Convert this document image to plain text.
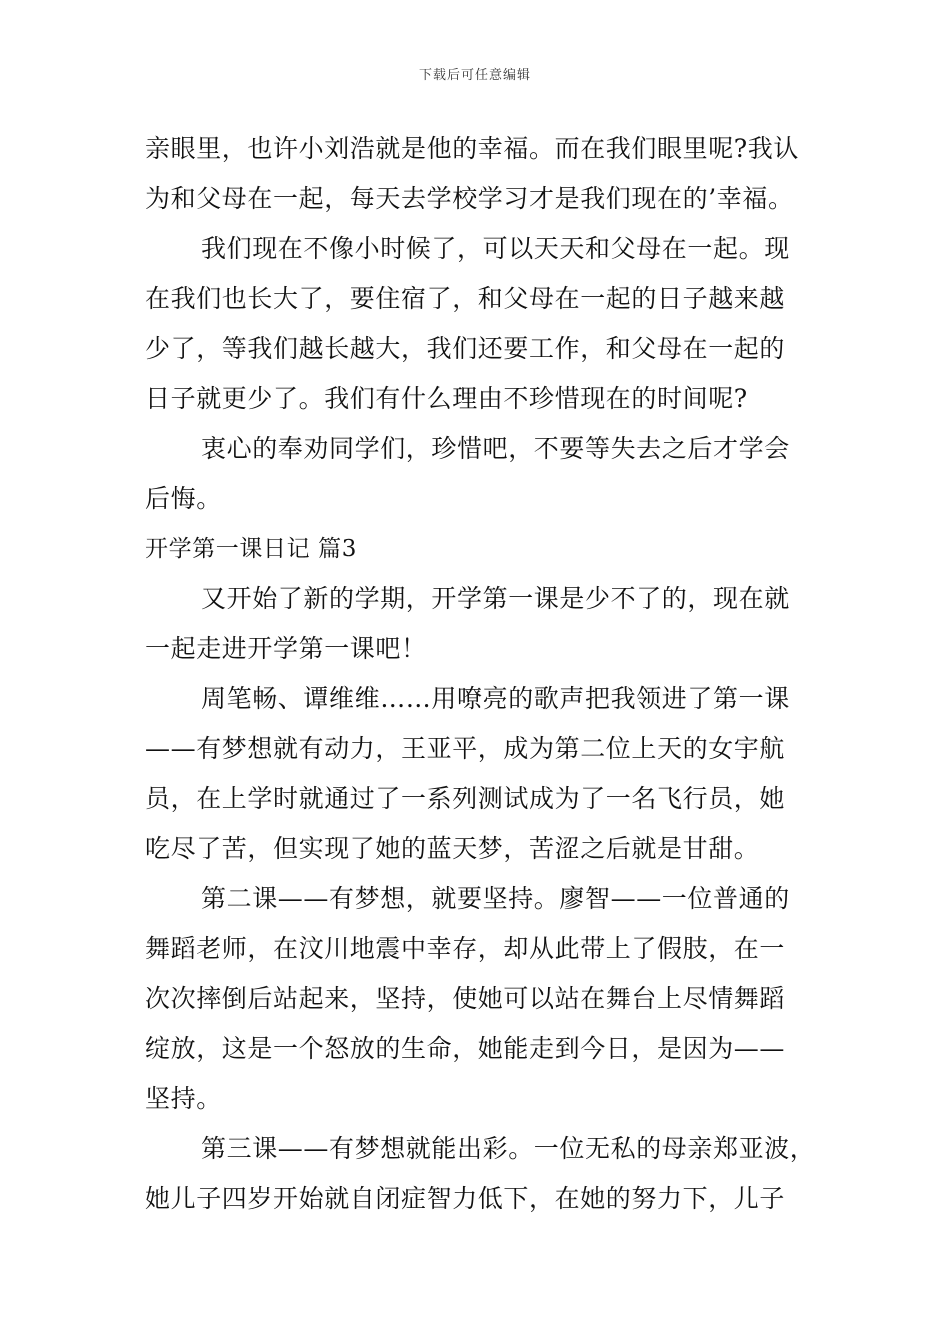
下载后可任意编辑
亲眼里，也许小刘浩就是他的幸福。而在我们眼里呢?我认
为和父母在一起，每天去学校学习才是我们现在的’幸福。
我们现在不像小时候了，可以天天和父母在一起。现
在我们也长大了，要住宿了，和父母在一起的日子越来越
少了，等我们越长越大，我们还要工作，和父母在一起的
日子就更少了。我们有什么理由不珍惜现在的时间呢?
衷心的奉劝同学们，珍惜吧，不要等失去之后才学会
后悔。
开学第一课日记 篇3
又开始了新的学期，开学第一课是少不了的，现在就
一起走进开学第一课吧！
周笔畅、谭维维……用嘹亮的歌声把我领进了第一课
——有梦想就有动力，王亚平，成为第二位上天的女宇航
员，在上学时就通过了一系列测试成为了一名飞行员，她
吃尽了苦，但实现了她的蓝天梦，苦涩之后就是甘甜。
第二课——有梦想，就要坚持。廖智——一位普通的
舞蹈老师，在汶川地震中幸存，却从此带上了假肢，在一
次次摔倒后站起来，坚持，使她可以站在舞台上尽情舞蹈
绽放，这是一个怒放的生命，她能走到今日，是因为——
坚持。
第三课——有梦想就能出彩。一位无私的母亲郑亚波，
她儿子四岁开始就自闭症智力低下，在她的努力下，儿子
